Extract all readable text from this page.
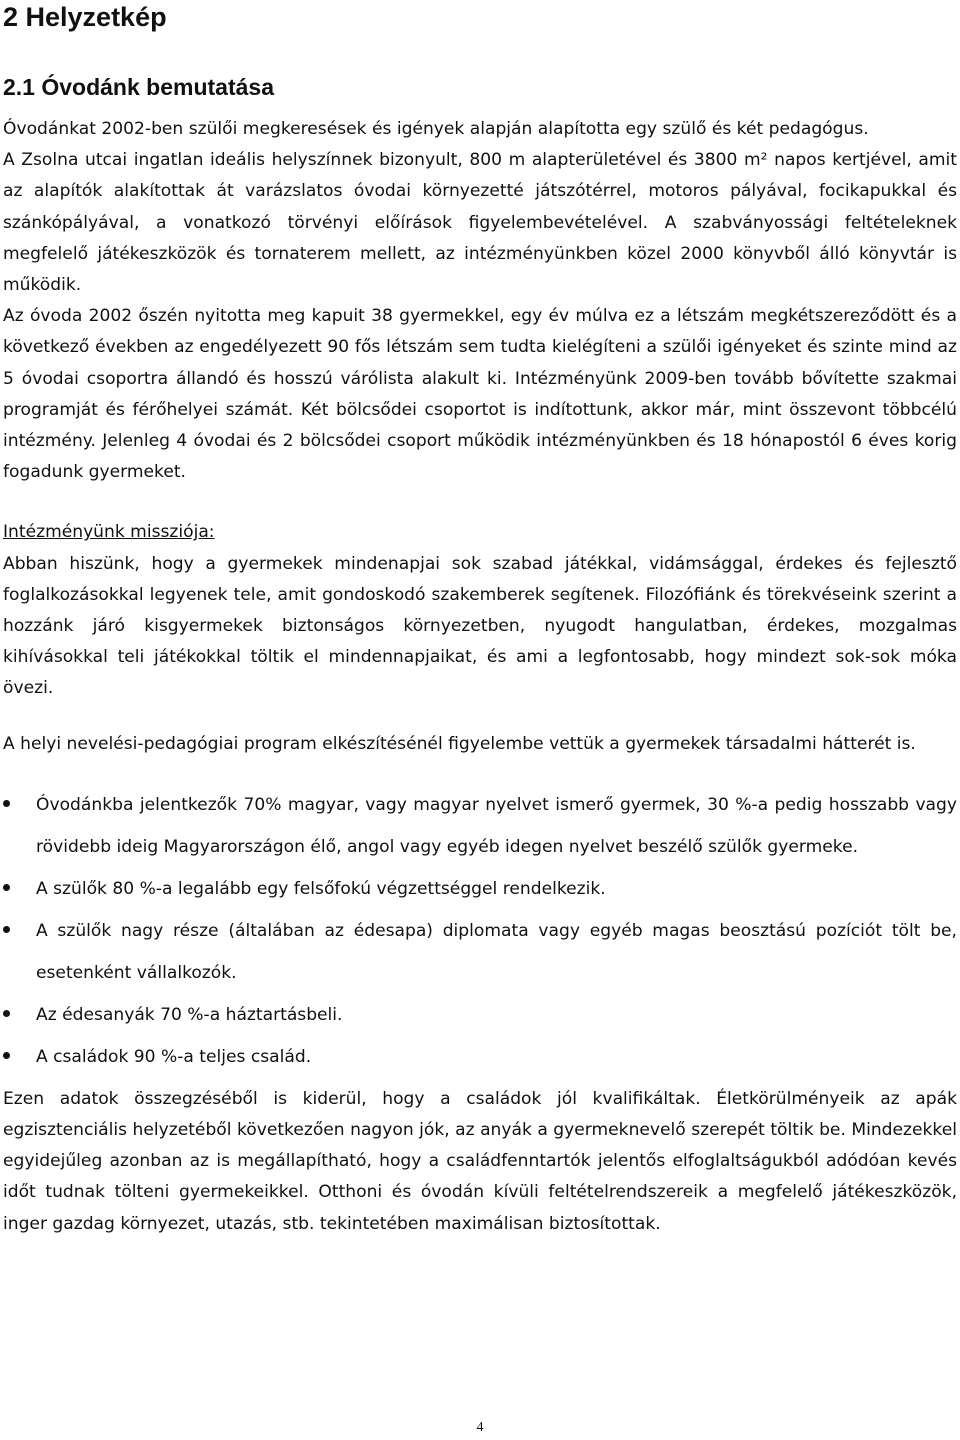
2 Helyzetkép
2.1 Óvodánk bemutatása

Óvodánkat 2002-ben szülői megkeresések és igények alapján alapította egy szülő és két pedagógus.

A Zsolna utcai ingatlan ideális helyszínnek bizonyult, 800 m alapterületével és 3800 m² napos kertjével, amit az alapítók alakítottak át varázslatos óvodai környezetté játszótérrel, motoros pályával, focikapukkal és szánkópályával, a vonatkozó törvényi előírások figyelembevételével. A szabványossági feltételeknek megfelelő játékeszközök és tornaterem mellett, az intézményünkben közel 2000 könyvből álló könyvtár is működik.

Az óvoda 2002 őszén nyitotta meg kapuit 38 gyermekkel, egy év múlva ez a létszám megkétszereződött és a következő években az engedélyezett 90 fős létszám sem tudta kielégíteni a szülői igényeket és szinte mind az 5 óvodai csoportra állandó és hosszú várólista alakult ki. Intézményünk 2009-ben tovább bővítette szakmai programját és férőhelyei számát. Két bölcsődei csoportot is indítottunk, akkor már, mint összevont többcélú intézmény. Jelenleg 4 óvodai és 2 bölcsődei csoport működik intézményünkben és 18 hónapostól 6 éves korig fogadunk gyermeket.

Intézményünk missziója:

Abban hiszünk, hogy a gyermekek mindenapjai sok szabad játékkal, vidámsággal, érdekes és fejlesztő foglalkozásokkal legyenek tele, amit gondoskodó szakemberek segítenek. Filozófiánk és törekvéseink szerint a hozzánk járó kisgyermekek biztonságos környezetben, nyugodt hangulatban, érdekes, mozgalmas kihívásokkal teli játékokkal töltik el mindennapjaikat, és ami a legfontosabb, hogy mindezt sok-sok móka övezi.

A helyi nevelési-pedagógiai program elkészítésénél figyelembe vettük a gyermekek társadalmi hátterét is.

Óvodánkba jelentkezők 70% magyar, vagy magyar nyelvet ismerő gyermek, 30 %-a pedig hosszabb vagy rövidebb ideig Magyarországon élő, angol vagy egyéb idegen nyelvet beszélő szülők gyermeke.
A szülők 80 %-a legalább egy felsőfokú végzettséggel rendelkezik.
A szülők nagy része (általában az édesapa) diplomata vagy egyéb magas beosztású pozíciót tölt be, esetenként vállalkozók.
Az édesanyák 70 %-a háztartásbeli.
A családok 90 %-a teljes család.

Ezen adatok összegzéséből is kiderül, hogy a családok jól kvalifikáltak. Életkörülményeik az apák egzisztenciális helyzetéből következően nagyon jók, az anyák a gyermeknevelő szerepét töltik be. Mindezekkel egyidejűleg azonban az is megállapítható, hogy a családfenntartók jelentős elfoglaltságukból adódóan kevés időt tudnak tölteni gyermekeikkel. Otthoni és óvodán kívüli feltételrendszereik a megfelelő játékeszközök, inger gazdag környezet, utazás, stb. tekintetében maximálisan biztosítottak.

4
